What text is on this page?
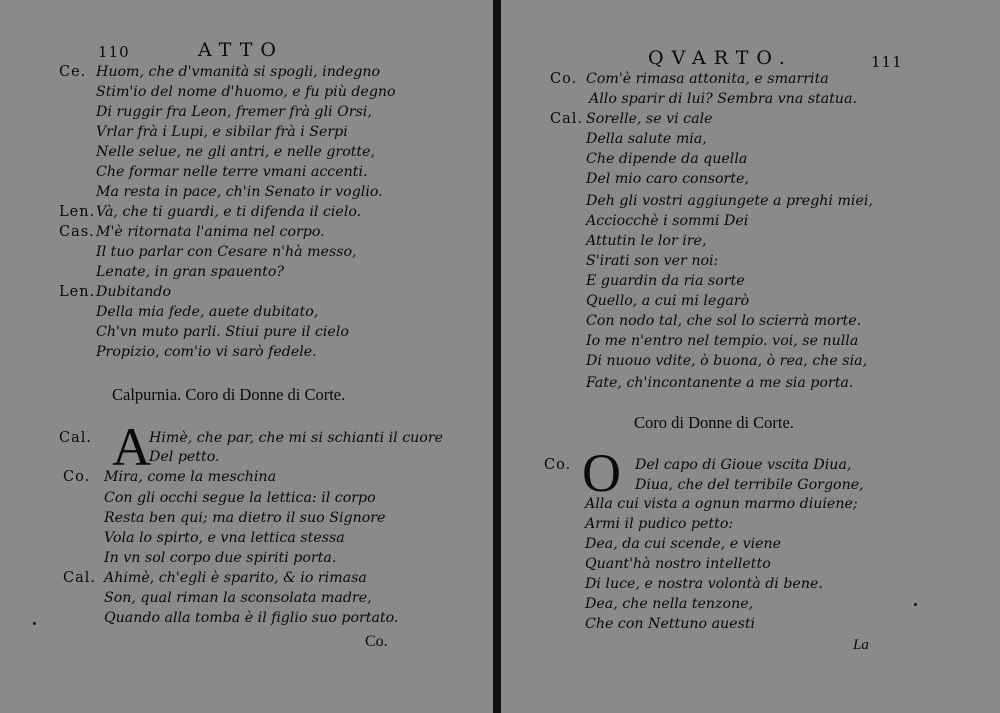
110	ATTO
Ce. Huom, che d'vmanità si spogli, indegno
Stim'io del nome d'huomo, e fu più degno
Di ruggir fra Leon, fremer frà gli Orsi,
Vrlar frà i Lupi, e sibilar frà i Serpi
Nelle selue, ne gli antri, e nelle grotte,
Che formar nelle terre vmani accenti.
Ma resta in pace, ch'in Senato ir voglio.
Len. Và, che ti guardi, e ti difenda il cielo.
Cas. M'è ritornata l'anima nel corpo.
Il tuo parlar con Cesare n'hà messo,
Lenate, in gran spauento?
Len. Dubitando
Della mia fede, auete dubitato,
Ch'vn muto parli. Stiui pure il cielo
Propizio, com'io vi sarò fedele.
Calpurnia. Coro di Donne di Corte.
A
Cal.	Himè, che par, che mi si schianti il cuore
Del petto.
Co. Mira, come la meschina
Con gli occhi segue la lettica: il corpo
Resta ben qui; ma dietro il suo Signore
Vola lo spirto, e vna lettica stessa
In vn sol corpo due spiriti porta.
Cal. Ahimè, ch'egli è sparito, & io rimasa
Son, qual riman la sconsolata madre,
Quando alla tomba è il figlio suo portato.
Co.
QVARTO.	111
Co. Com'è rimasa attonita, e smarrita
Allo sparir di lui? Sembra vna statua.
Cal. Sorelle, se vi cale
Della salute mia,
Che dipende da quella
Del mio caro consorte,
Deh gli vostri aggiungete a preghi miei,
Acciocchè i sommi Dei
Attutin le lor ire,
S'irati son ver noi:
E guardin da ria sorte
Quello, a cui mi legarò
Con nodo tal, che sol lo scierrà morte.
Io me n'entro nel tempio. voi, se nulla
Di nuouo vdite, ò buona, ò rea, che sia,
Fate, ch'incontanente a me sia porta.
Coro di Donne di Corte.
O
Co.	Del capo di Gioue vscita Diua,
Diua, che del terribile Gorgone,
Alla cui vista a ognun marmo diuiene;
Armi il pudico petto:
Dea, da cui scende, e viene
Quant'hà nostro intelletto
Di luce, e nostra volontà di bene.
Dea, che nella tenzone,
Che con Nettuno auesti
La
